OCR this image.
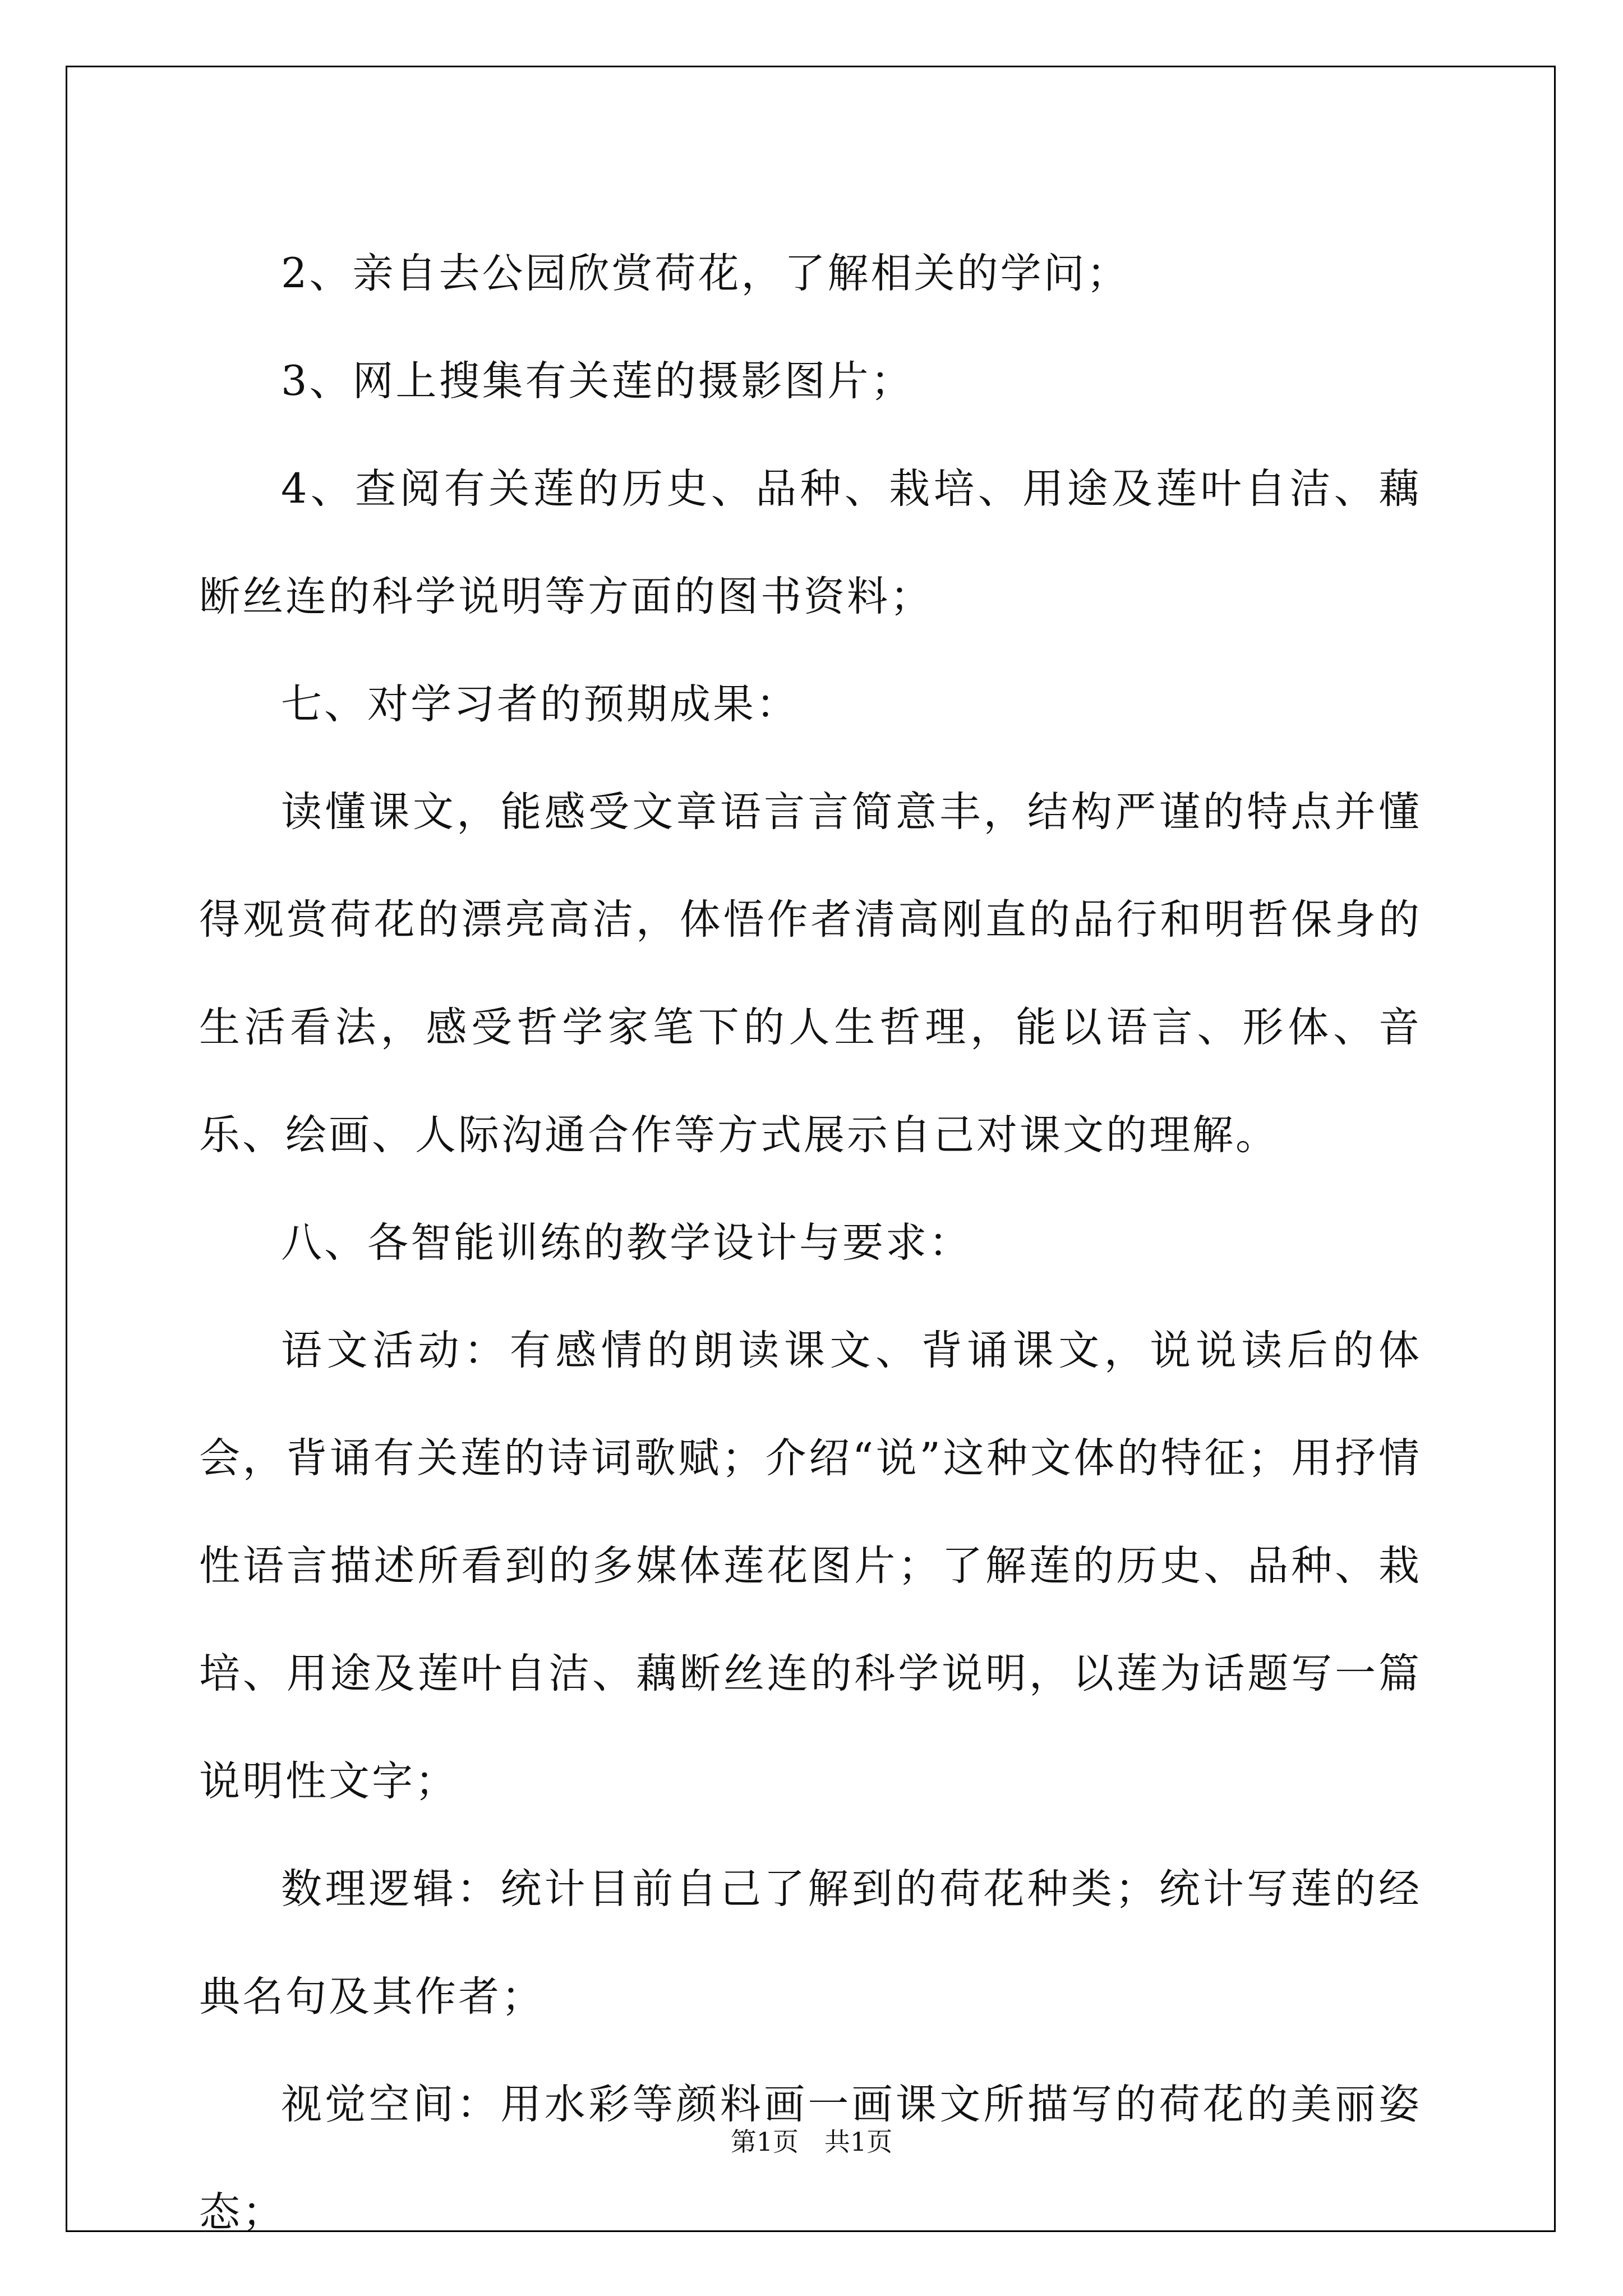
2、亲自去公园欣赏荷花，了解相关的学问；

3、网上搜集有关莲的摄影图片；

4、查阅有关莲的历史、品种、栽培、用途及莲叶自洁、藕断丝连的科学说明等方面的图书资料；

七、对学习者的预期成果：

读懂课文，能感受文章语言言简意丰，结构严谨的特点并懂得观赏荷花的漂亮高洁，体悟作者清高刚直的品行和明哲保身的生活看法，感受哲学家笔下的人生哲理，能以语言、形体、音乐、绘画、人际沟通合作等方式展示自己对课文的理解。

八、各智能训练的教学设计与要求：

语文活动：有感情的朗读课文、背诵课文，说说读后的体会，背诵有关莲的诗词歌赋；介绍“说”这种文体的特征；用抒情性语言描述所看到的多媒体莲花图片；了解莲的历史、品种、栽培、用途及莲叶自洁、藕断丝连的科学说明，以莲为话题写一篇说明性文字；

数理逻辑：统计目前自己了解到的荷花种类；统计写莲的经典名句及其作者；

视觉空间：用水彩等颜料画一画课文所描写的荷花的美丽姿态；

第1页　共1页
